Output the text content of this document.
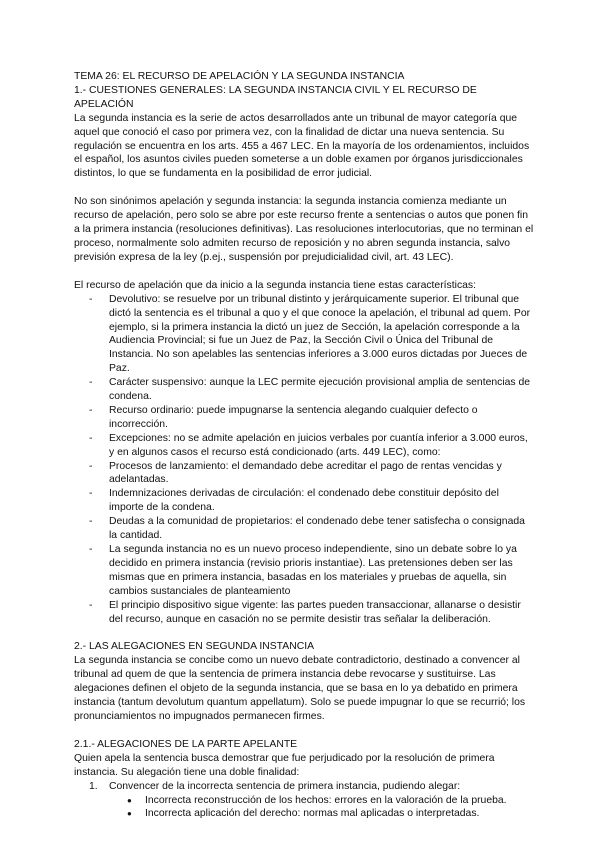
TEMA 26: EL RECURSO DE APELACIÓN Y LA SEGUNDA INSTANCIA

1.- CUESTIONES GENERALES: LA SEGUNDA INSTANCIA CIVIL Y EL RECURSO DE APELACIÓN

La segunda instancia es la serie de actos desarrollados ante un tribunal de mayor categoría que aquel que conoció el caso por primera vez, con la finalidad de dictar una nueva sentencia. Su regulación se encuentra en los arts. 455 a 467 LEC. En la mayoría de los ordenamientos, incluidos el español, los asuntos civiles pueden someterse a un doble examen por órganos jurisdiccionales distintos, lo que se fundamenta en la posibilidad de error judicial.

No son sinónimos apelación y segunda instancia: la segunda instancia comienza mediante un recurso de apelación, pero solo se abre por este recurso frente a sentencias o autos que ponen fin a la primera instancia (resoluciones definitivas). Las resoluciones interlocutorias, que no terminan el proceso, normalmente solo admiten recurso de reposición y no abren segunda instancia, salvo previsión expresa de la ley (p.ej., suspensión por prejudicialidad civil, art. 43 LEC).

El recurso de apelación que da inicio a la segunda instancia tiene estas características:

- Devolutivo: se resuelve por un tribunal distinto y jerárquicamente superior. El tribunal que dictó la sentencia es el tribunal a quo y el que conoce la apelación, el tribunal ad quem. Por ejemplo, si la primera instancia la dictó un juez de Sección, la apelación corresponde a la Audiencia Provincial; si fue un Juez de Paz, la Sección Civil o Única del Tribunal de Instancia. No son apelables las sentencias inferiores a 3.000 euros dictadas por Jueces de Paz.
- Carácter suspensivo: aunque la LEC permite ejecución provisional amplia de sentencias de condena.
- Recurso ordinario: puede impugnarse la sentencia alegando cualquier defecto o incorrección.
- Excepciones: no se admite apelación en juicios verbales por cuantía inferior a 3.000 euros, y en algunos casos el recurso está condicionado (arts. 449 LEC), como:
- Procesos de lanzamiento: el demandado debe acreditar el pago de rentas vencidas y adelantadas.
- Indemnizaciones derivadas de circulación: el condenado debe constituir depósito del importe de la condena.
- Deudas a la comunidad de propietarios: el condenado debe tener satisfecha o consignada la cantidad.
- La segunda instancia no es un nuevo proceso independiente, sino un debate sobre lo ya decidido en primera instancia (revisio prioris instantiae). Las pretensiones deben ser las mismas que en primera instancia, basadas en los materiales y pruebas de aquella, sin cambios sustanciales de planteamiento
- El principio dispositivo sigue vigente: las partes pueden transaccionar, allanarse o desistir del recurso, aunque en casación no se permite desistir tras señalar la deliberación.

2.- LAS ALEGACIONES EN SEGUNDA INSTANCIA

La segunda instancia se concibe como un nuevo debate contradictorio, destinado a convencer al tribunal ad quem de que la sentencia de primera instancia debe revocarse y sustituirse. Las alegaciones definen el objeto de la segunda instancia, que se basa en lo ya debatido en primera instancia (tantum devolutum quantum appellatum). Solo se puede impugnar lo que se recurrió; los pronunciamientos no impugnados permanecen firmes.

2.1.- ALEGACIONES DE LA PARTE APELANTE

Quien apela la sentencia busca demostrar que fue perjudicado por la resolución de primera instancia. Su alegación tiene una doble finalidad:

1. Convencer de la incorrecta sentencia de primera instancia, pudiendo alegar:
● Incorrecta reconstrucción de los hechos: errores en la valoración de la prueba.
● Incorrecta aplicación del derecho: normas mal aplicadas o interpretadas.
